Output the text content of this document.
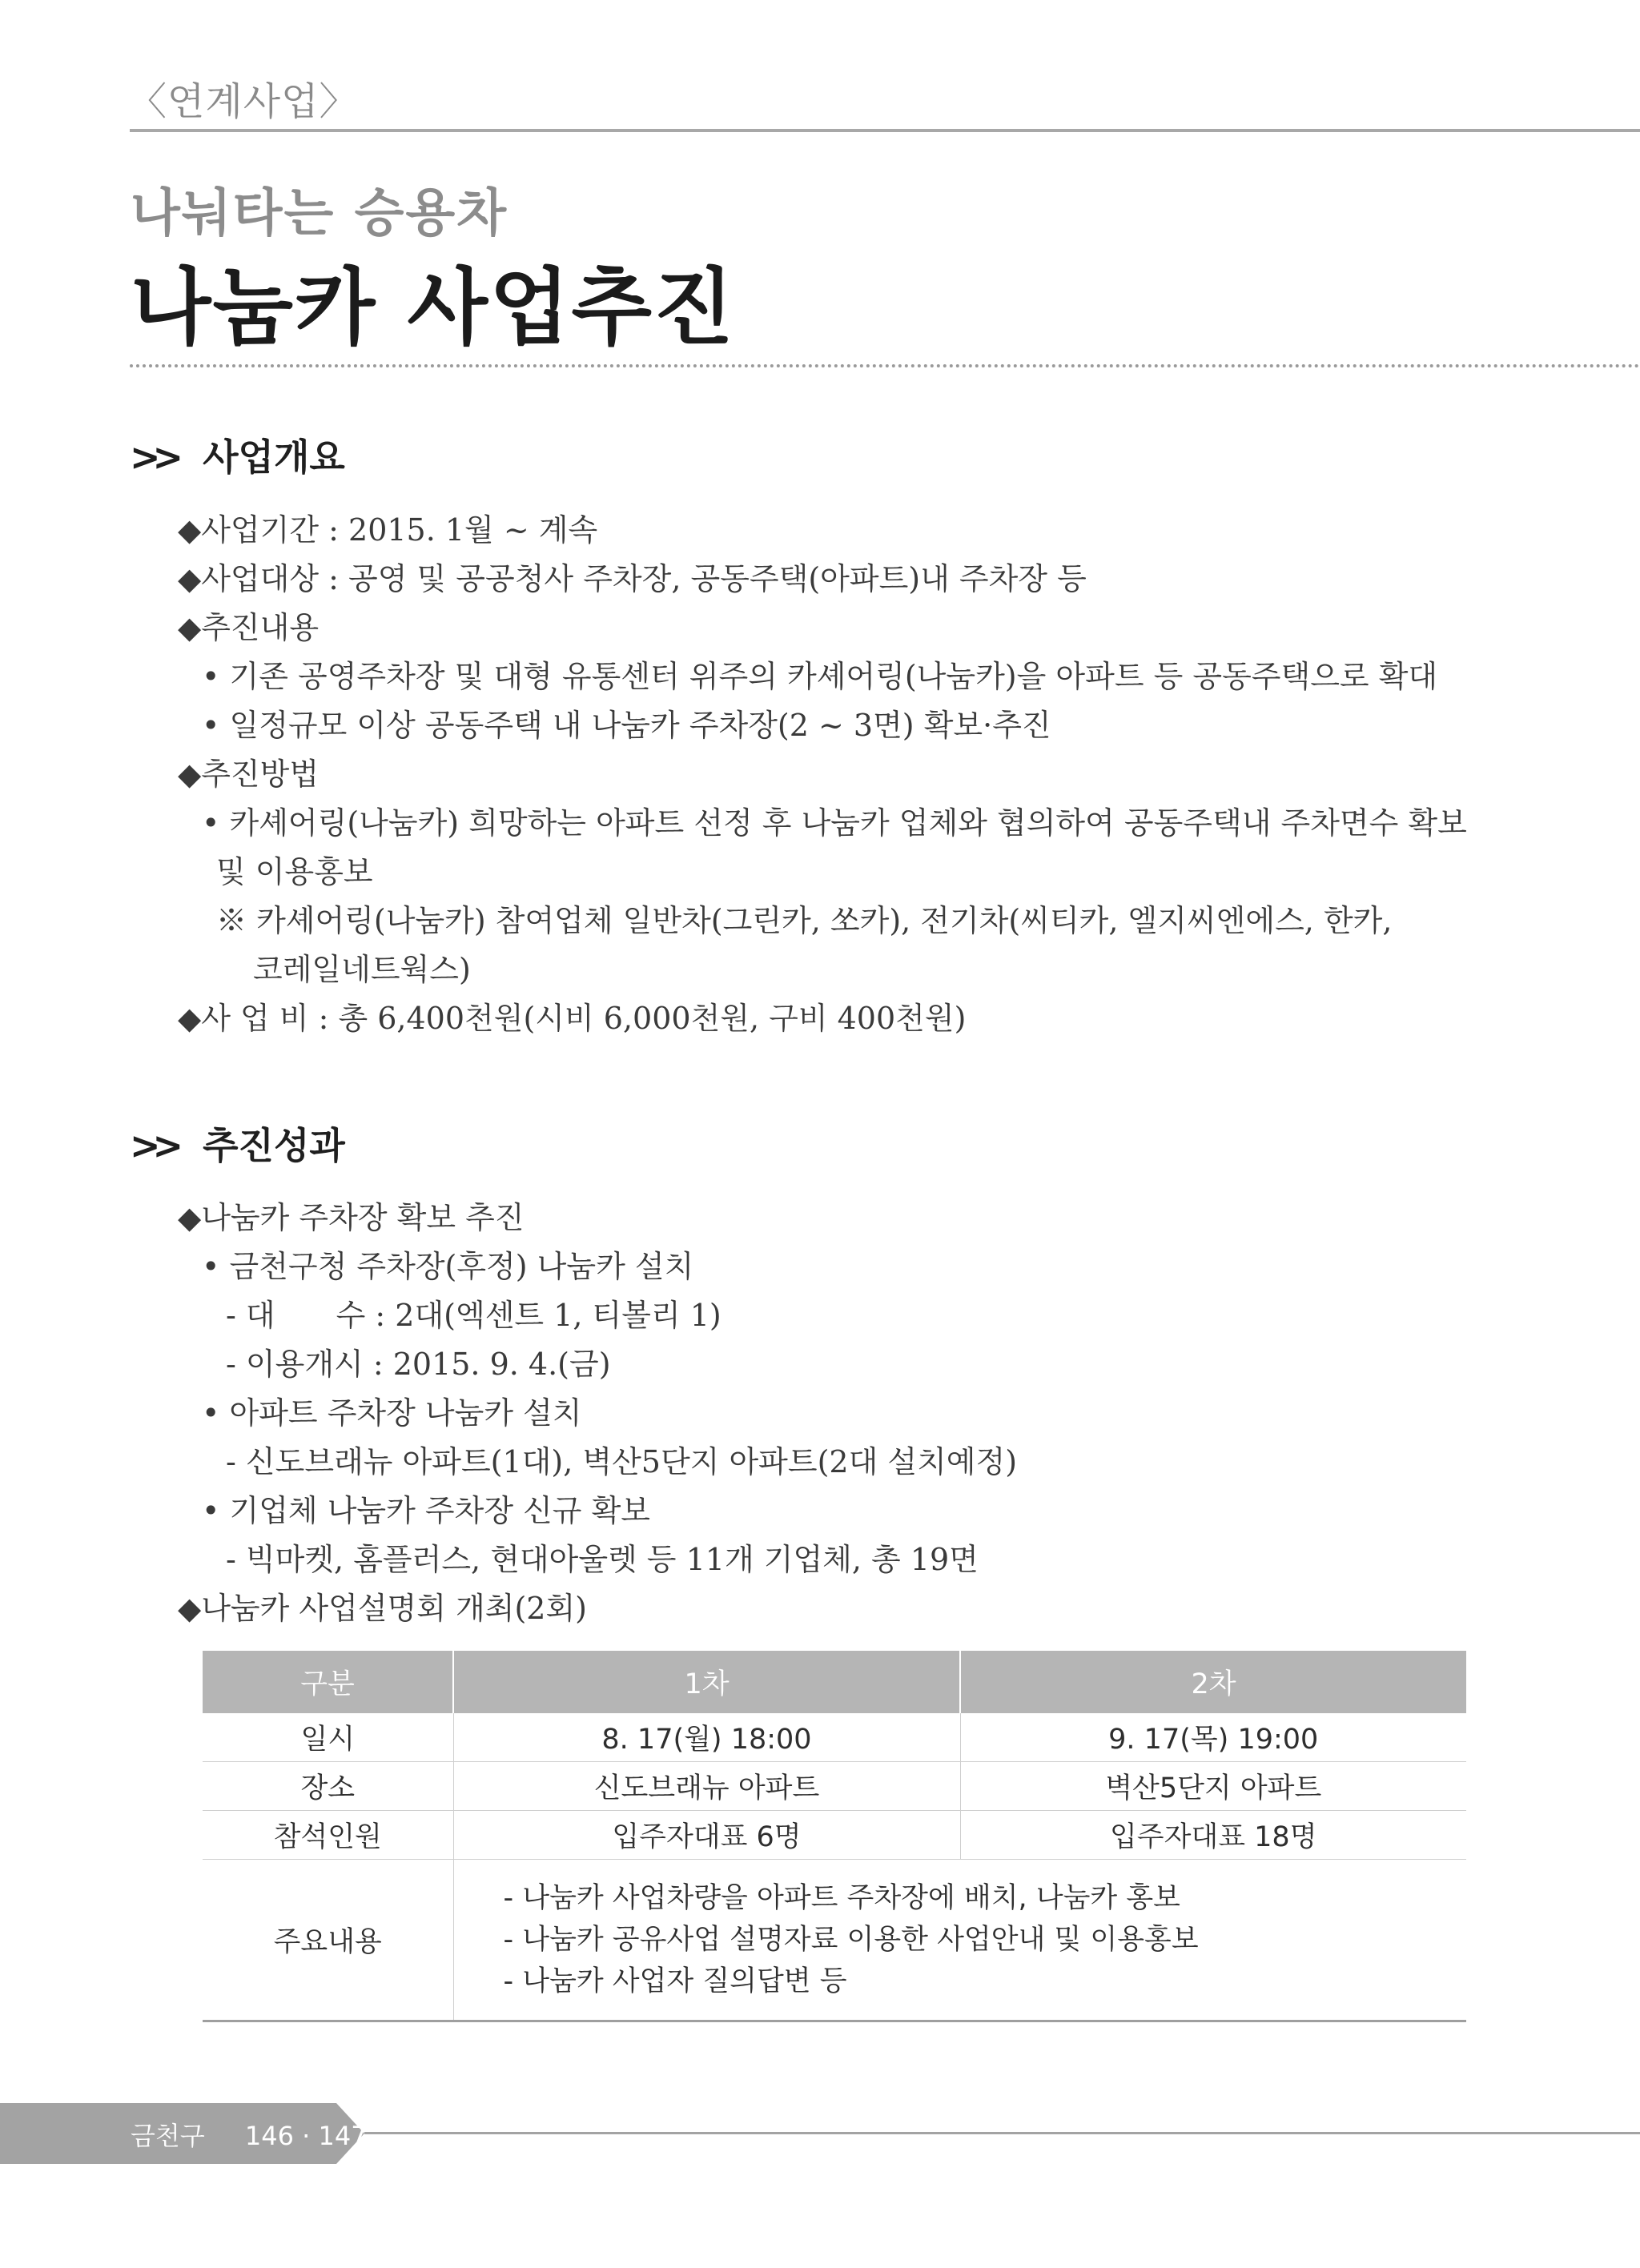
〈연계사업〉
나눠타는 승용차
나눔카 사업추진
>> 사업개요
◆사업기간 : 2015. 1월 ~ 계속
◆사업대상 : 공영 및 공공청사 주차장, 공동주택(아파트)내 주차장 등
◆추진내용
• 기존 공영주차장 및 대형 유통센터 위주의 카셰어링(나눔카)을 아파트 등 공동주택으로 확대
• 일정규모 이상 공동주택 내 나눔카 주차장(2 ~ 3면) 확보·추진
◆추진방법
• 카셰어링(나눔카) 희망하는 아파트 선정 후 나눔카 업체와 협의하여 공동주택내 주차면수 확보
및 이용홍보
※ 카셰어링(나눔카) 참여업체 일반차(그린카, 쏘카), 전기차(씨티카, 엘지씨엔에스, 한카,
코레일네트웍스)
◆사 업 비 : 총 6,400천원(시비 6,000천원, 구비 400천원)
>> 추진성과
◆나눔카 주차장 확보 추진
• 금천구청 주차장(후정) 나눔카 설치
- 대　　수 : 2대(엑센트 1, 티볼리 1)
- 이용개시 : 2015. 9. 4.(금)
• 아파트 주차장 나눔카 설치
- 신도브래뉴 아파트(1대), 벽산5단지 아파트(2대 설치예정)
• 기업체 나눔카 주차장 신규 확보
- 빅마켓, 홈플러스, 현대아울렛 등 11개 기업체, 총 19면
◆나눔카 사업설명회 개최(2회)
구분	1차	2차
일시	8. 17(월) 18:00	9. 17(목) 19:00
장소	신도브래뉴 아파트	벽산5단지 아파트
참석인원	입주자대표 6명	입주자대표 18명
주요내용	- 나눔카 사업차량을 아파트 주차장에 배치, 나눔카 홍보
- 나눔카 공유사업 설명자료 이용한 사업안내 및 이용홍보
- 나눔카 사업자 질의답변 등	
금천구 146 · 147
